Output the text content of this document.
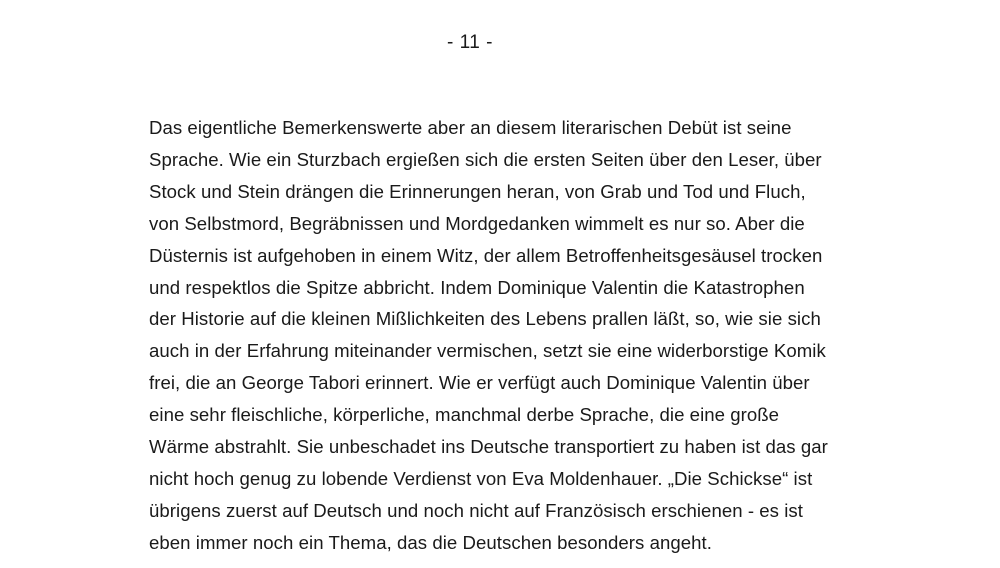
- 11 -
Das eigentliche Bemerkenswerte aber an diesem literarischen Debüt ist seine
Sprache. Wie ein Sturzbach ergießen sich die ersten Seiten über den Leser, über
Stock und Stein drängen die Erinnerungen heran, von Grab und Tod und Fluch,
von Selbstmord, Begräbnissen und Mordgedanken wimmelt es nur so. Aber die
Düsternis ist aufgehoben in einem Witz, der allem Betroffenheitsgesäusel trocken
und respektlos die Spitze abbricht. Indem Dominique Valentin die Katastrophen
der Historie auf die kleinen Mißlichkeiten des Lebens prallen läßt, so, wie sie sich
auch in der Erfahrung miteinander vermischen, setzt sie eine widerborstige Komik
frei, die an George Tabori erinnert. Wie er verfügt auch Dominique Valentin über
eine sehr fleischliche, körperliche, manchmal derbe Sprache, die eine große
Wärme abstrahlt. Sie unbeschadet ins Deutsche transportiert zu haben ist das gar
nicht hoch genug zu lobende Verdienst von Eva Moldenhauer. „Die Schickse“ ist
übrigens zuerst auf Deutsch und noch nicht auf Französisch erschienen - es ist
eben immer noch ein Thema, das die Deutschen besonders angeht.
